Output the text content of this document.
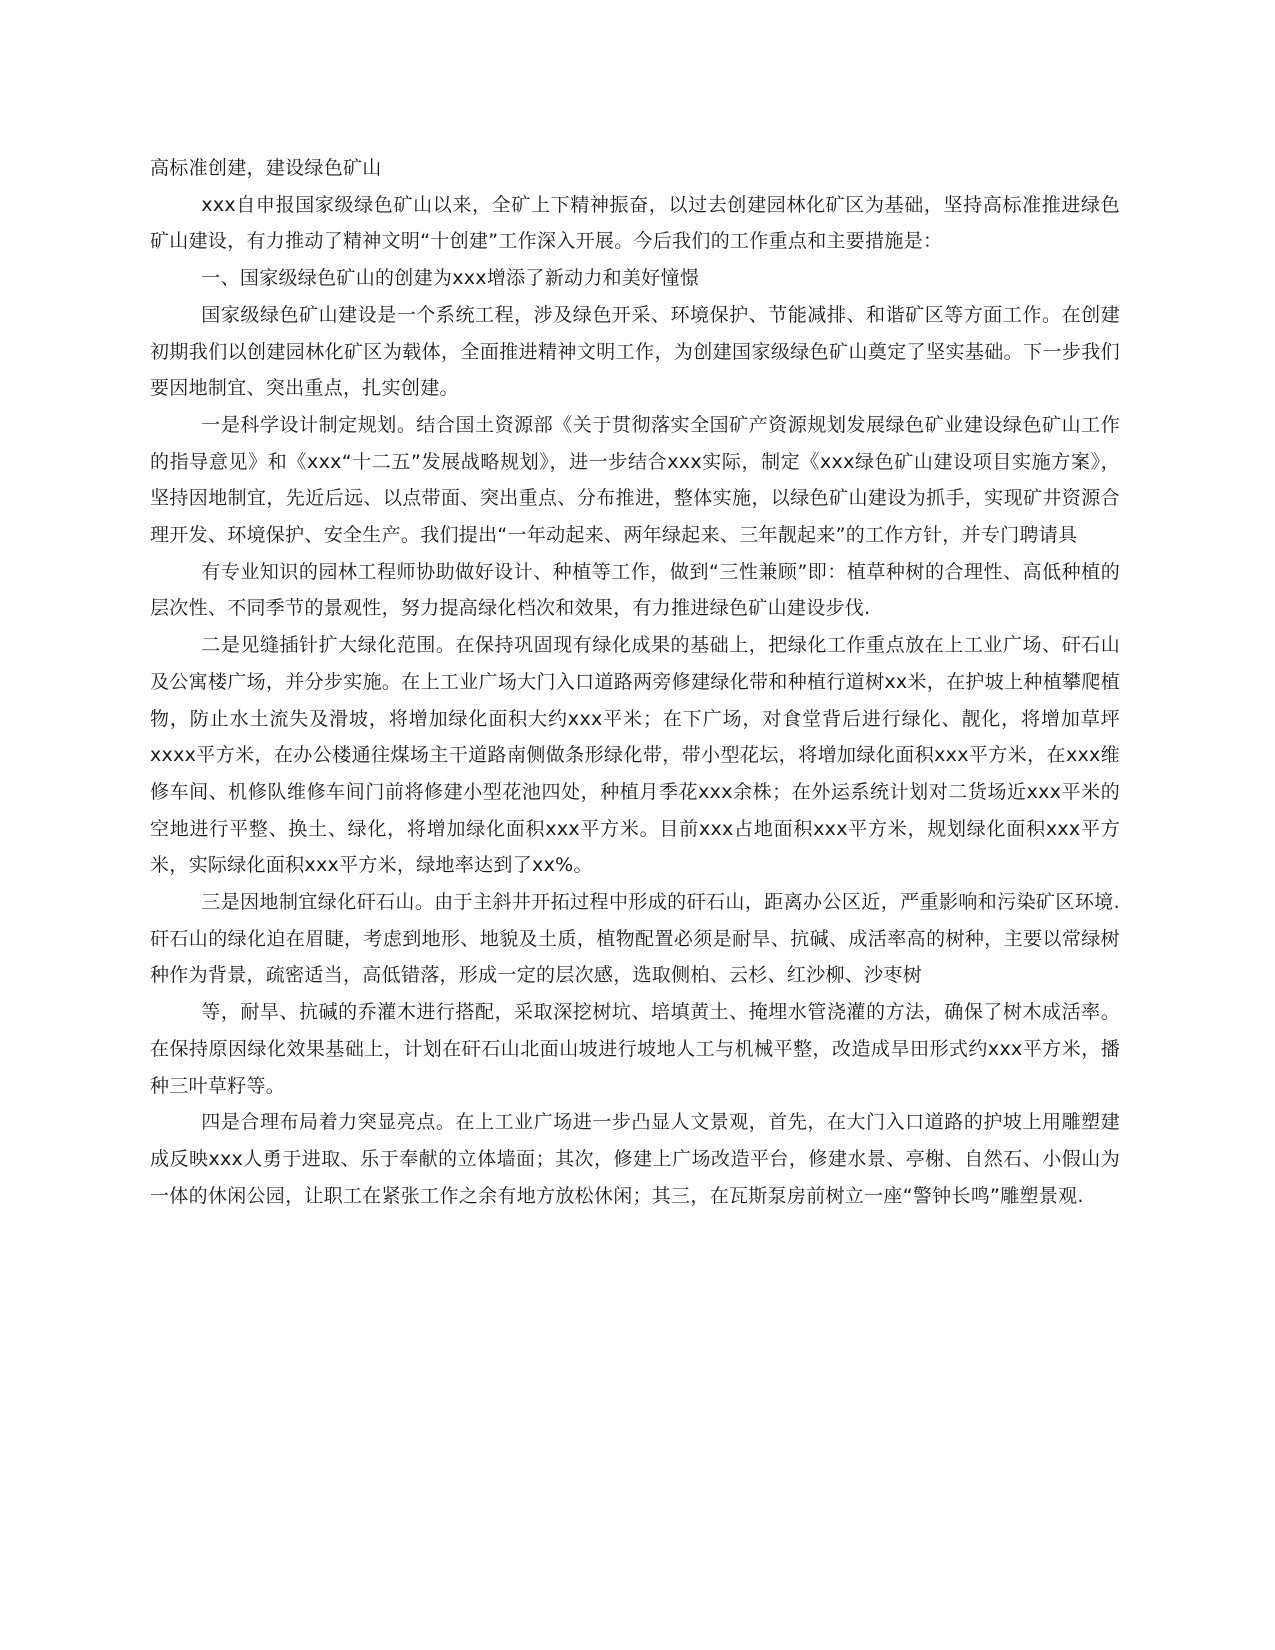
高标准创建，建设绿色矿山

xxx自申报国家级绿色矿山以来，全矿上下精神振奋，以过去创建园林化矿区为基础，坚持高标准推进绿色矿山建设，有力推动了精神文明“十创建”工作深入开展。今后我们的工作重点和主要措施是：

一、国家级绿色矿山的创建为xxx增添了新动力和美好憧憬

国家级绿色矿山建设是一个系统工程，涉及绿色开采、环境保护、节能减排、和谐矿区等方面工作。在创建初期我们以创建园林化矿区为载体，全面推进精神文明工作，为创建国家级绿色矿山奠定了坚实基础。下一步我们要因地制宜、突出重点，扎实创建。

一是科学设计制定规划。结合国土资源部《关于贯彻落实全国矿产资源规划发展绿色矿业建设绿色矿山工作的指导意见》和《xxx“十二五”发展战略规划》，进一步结合xxx实际，制定《xxx绿色矿山建设项目实施方案》，坚持因地制宜，先近后远、以点带面、突出重点、分布推进，整体实施，以绿色矿山建设为抓手，实现矿井资源合理开发、环境保护、安全生产。我们提出“一年动起来、两年绿起来、三年靓起来”的工作方针，并专门聘请具

有专业知识的园林工程师协助做好设计、种植等工作，做到“三性兼顾”即：植草种树的合理性、高低种植的层次性、不同季节的景观性，努力提高绿化档次和效果，有力推进绿色矿山建设步伐.

二是见缝插针扩大绿化范围。在保持巩固现有绿化成果的基础上，把绿化工作重点放在上工业广场、矸石山及公寓楼广场，并分步实施。在上工业广场大门入口道路两旁修建绿化带和种植行道树xx米，在护坡上种植攀爬植物，防止水土流失及滑坡，将增加绿化面积大约xxx平米；在下广场，对食堂背后进行绿化、靓化，将增加草坪xxxx平方米，在办公楼通往煤场主干道路南侧做条形绿化带，带小型花坛，将增加绿化面积xxx平方米，在xxx维修车间、机修队维修车间门前将修建小型花池四处，种植月季花xxx余株；在外运系统计划对二货场近xxx平米的空地进行平整、换土、绿化，将增加绿化面积xxx平方米。目前xxx占地面积xxx平方米，规划绿化面积xxx平方米，实际绿化面积xxx平方米，绿地率达到了xx%。

三是因地制宜绿化矸石山。由于主斜井开拓过程中形成的矸石山，距离办公区近，严重影响和污染矿区环境. 矸石山的绿化迫在眉睫，考虑到地形、地貌及土质，植物配置必须是耐旱、抗碱、成活率高的树种，主要以常绿树种作为背景，疏密适当，高低错落，形成一定的层次感，选取侧柏、云杉、红沙柳、沙枣树

等，耐旱、抗碱的乔灌木进行搭配，采取深挖树坑、培填黄土、掩埋水管浇灌的方法，确保了树木成活率。在保持原因绿化效果基础上，计划在矸石山北面山坡进行坡地人工与机械平整，改造成旱田形式约xxx平方米，播种三叶草籽等。

四是合理布局着力突显亮点。在上工业广场进一步凸显人文景观，首先，在大门入口道路的护坡上用雕塑建成反映xxx人勇于进取、乐于奉献的立体墙面；其次，修建上广场改造平台，修建水景、亭榭、自然石、小假山为一体的休闲公园，让职工在紧张工作之余有地方放松休闲；其三，在瓦斯泵房前树立一座“警钟长鸣”雕塑景观.
